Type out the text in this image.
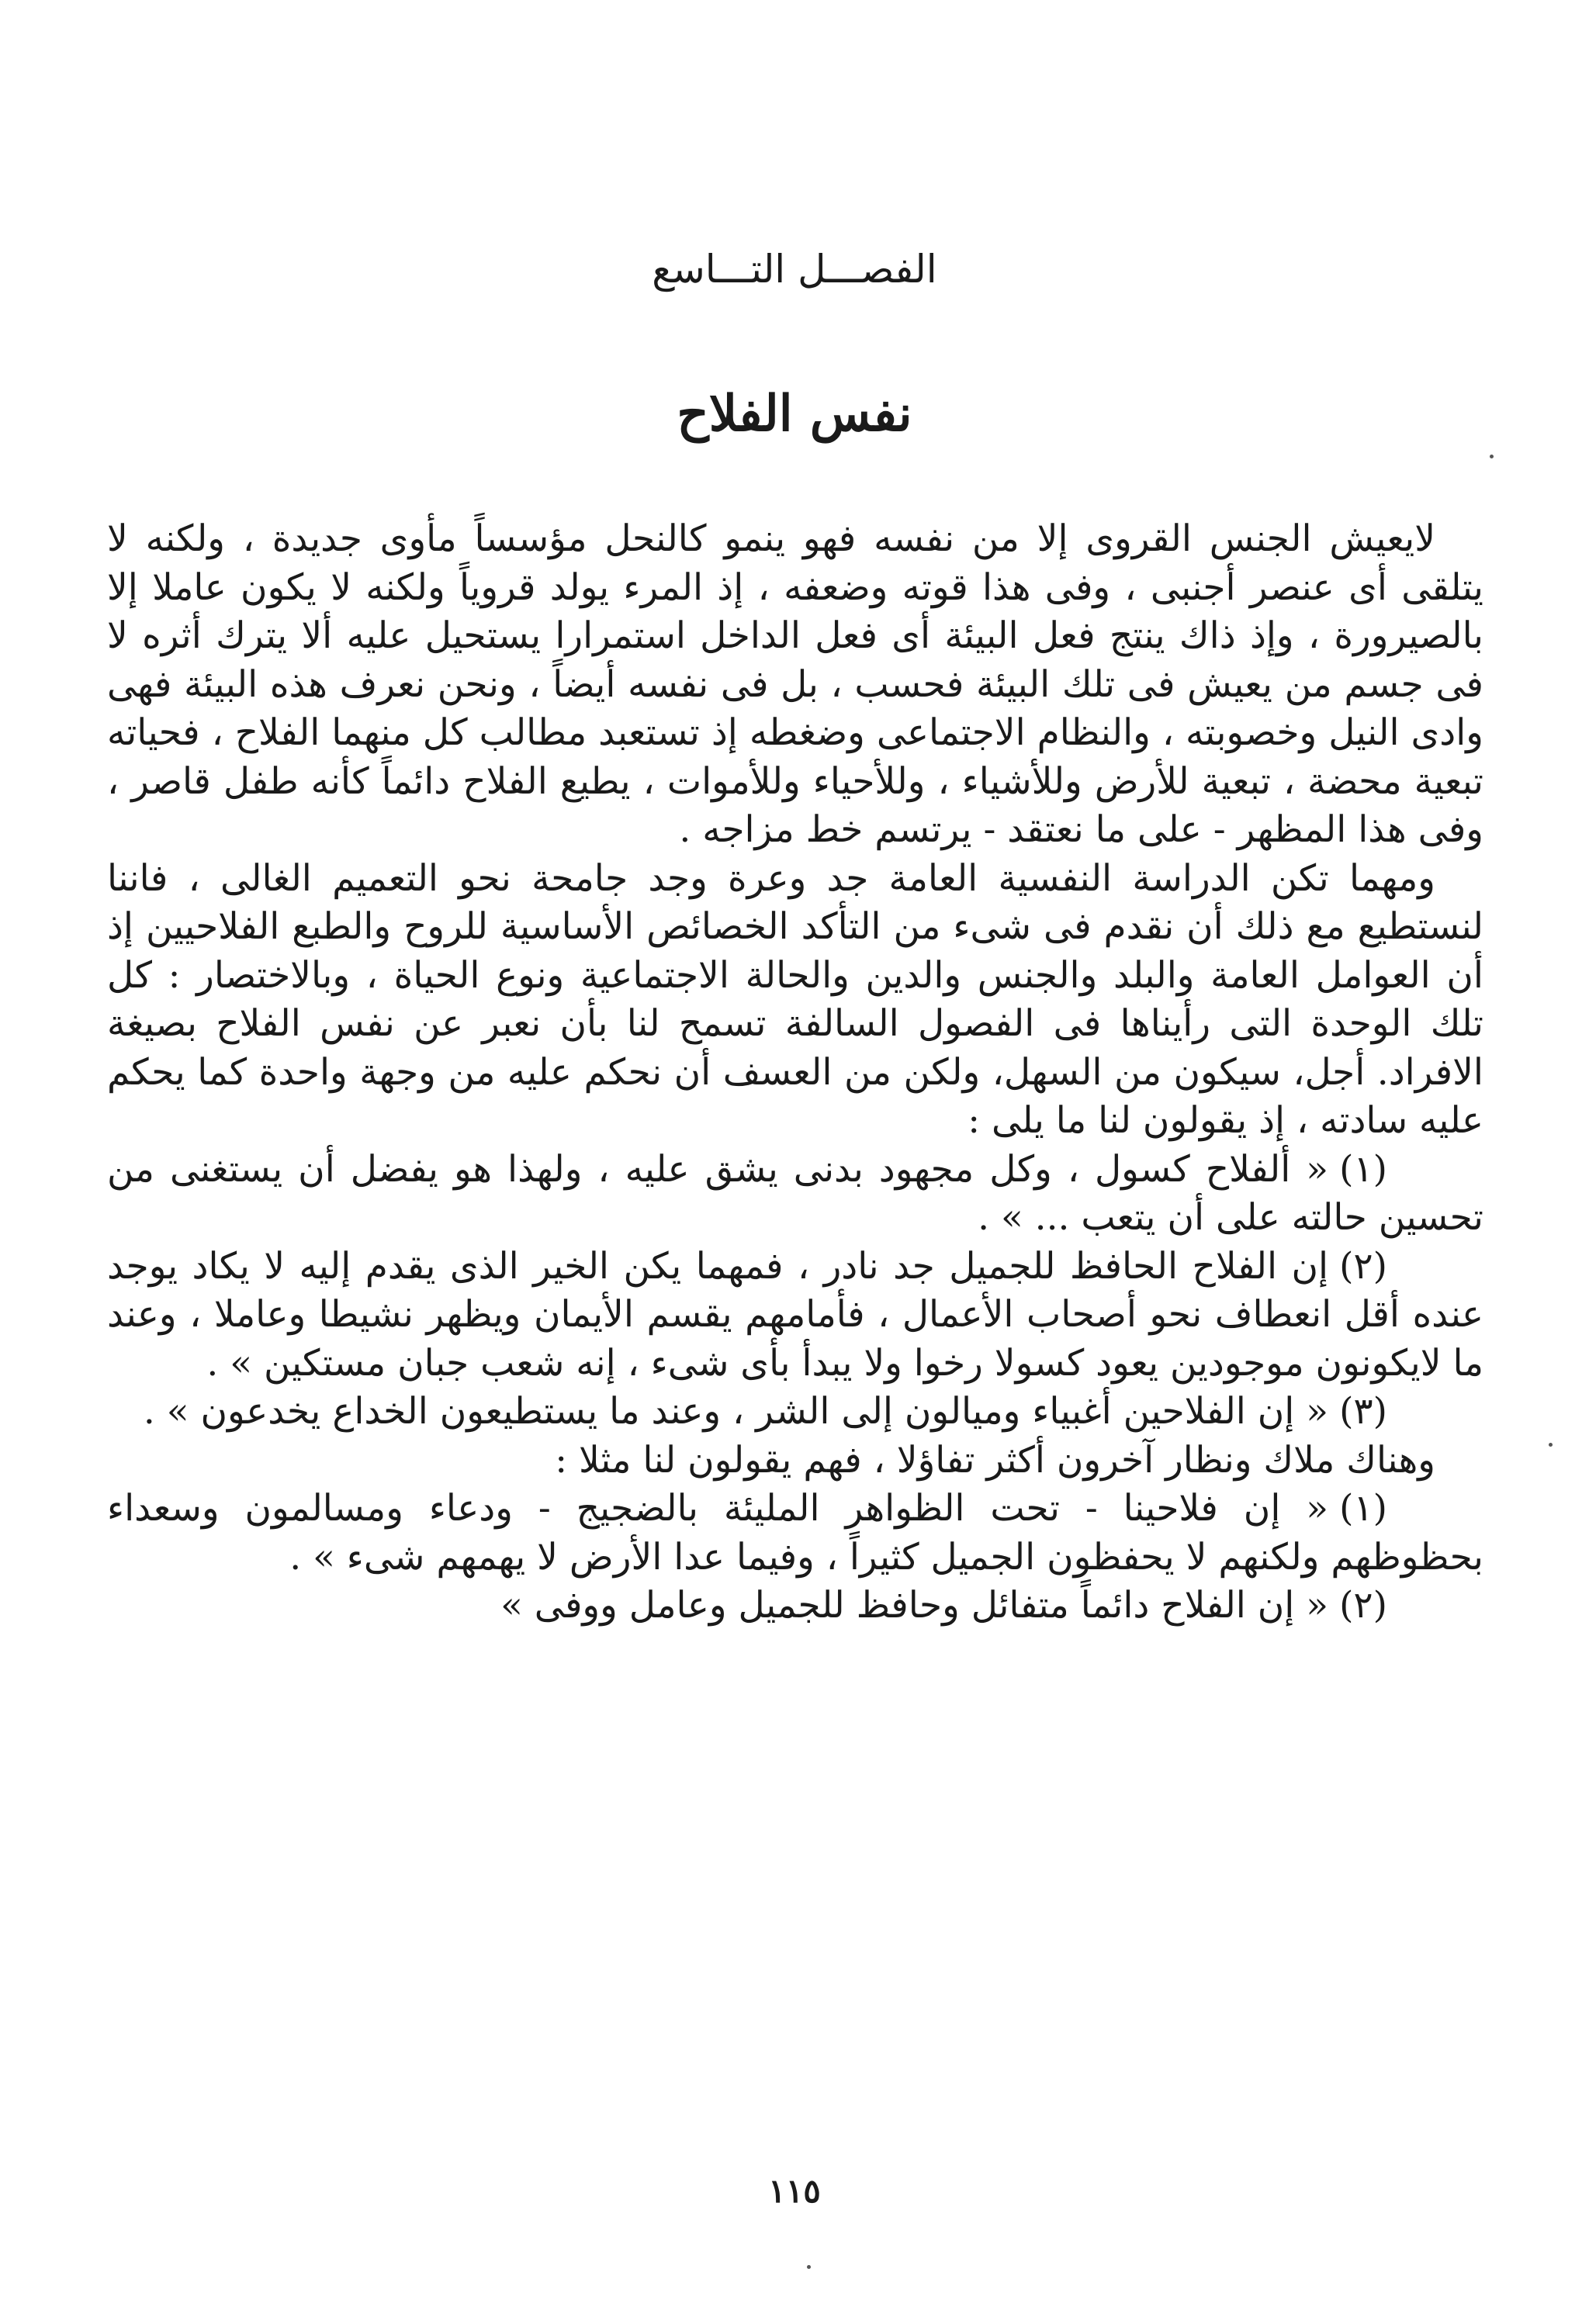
الفصـــل التـــاسع
نفس الفلاح

لايعيش الجنس القروى إلا من نفسه فهو ينمو كالنحل مؤسساً مأوى جديدة ، ولكنه لا يتلقى أى عنصر أجنبى ، وفى هذا قوته وضعفه ، إذ المرء يولد قروياً ولكنه لا يكون عاملا إلا بالصيرورة ، وإذ ذاك ينتج فعل البيئة أى فعل الداخل استمرارا يستحيل عليه ألا يترك أثره لا فى جسم من يعيش فى تلك البيئة فحسب ، بل فى نفسه أيضاً ، ونحن نعرف هذه البيئة فهى وادى النيل وخصوبته ، والنظام الاجتماعى وضغطه إذ تستعبد مطالب كل منهما الفلاح ، فحياته تبعية محضة ، تبعية للأرض وللأشياء ، وللأحياء وللأموات ، يطيع الفلاح دائماً كأنه طفل قاصر ، وفى هذا المظهر - على ما نعتقد - يرتسم خط مزاجه .

ومهما تكن الدراسة النفسية العامة جد وعرة وجد جامحة نحو التعميم الغالى ، فاننا لنستطيع مع ذلك أن نقدم فى شىء من التأكد الخصائص الأساسية للروح والطبع الفلاحيين إذ أن العوامل العامة والبلد والجنس والدين والحالة الاجتماعية ونوع الحياة ، وبالاختصار : كل تلك الوحدة التى رأيناها فى الفصول السالفة تسمح لنا بأن نعبر عن نفس الفلاح بصيغة الافراد. أجل، سيكون من السهل، ولكن من العسف أن نحكم عليه من وجهة واحدة كما يحكم عليه سادته ، إذ يقولون لنا ما يلى :

(١)« ألفلاح كسول ، وكل مجهود بدنى يشق عليه ، ولهذا هو يفضل أن يستغنى من تحسين حالته على أن يتعب ... » .

(٢)إن الفلاح الحافظ للجميل جد نادر ، فمهما يكن الخير الذى يقدم إليه لا يكاد يوجد عنده أقل انعطاف نحو أصحاب الأعمال ، فأمامهم يقسم الأيمان ويظهر نشيطا وعاملا ، وعند ما لايكونون موجودين يعود كسولا رخوا ولا يبدأ بأى شىء ، إنه شعب جبان مستكين » .

(٣)« إن الفلاحين أغبياء وميالون إلى الشر ، وعند ما يستطيعون الخداع يخدعون » .

وهناك ملاك ونظار آخرون أكثر تفاؤلا ، فهم يقولون لنا مثلا :

(١)« إن فلاحينا - تحت الظواهر المليئة بالضجيج - ودعاء ومسالمون وسعداء بحظوظهم ولكنهم لا يحفظون الجميل كثيراً ، وفيما عدا الأرض لا يهمهم شىء » .

(٢)« إن الفلاح دائماً متفائل وحافظ للجميل وعامل ووفى »

١١٥
